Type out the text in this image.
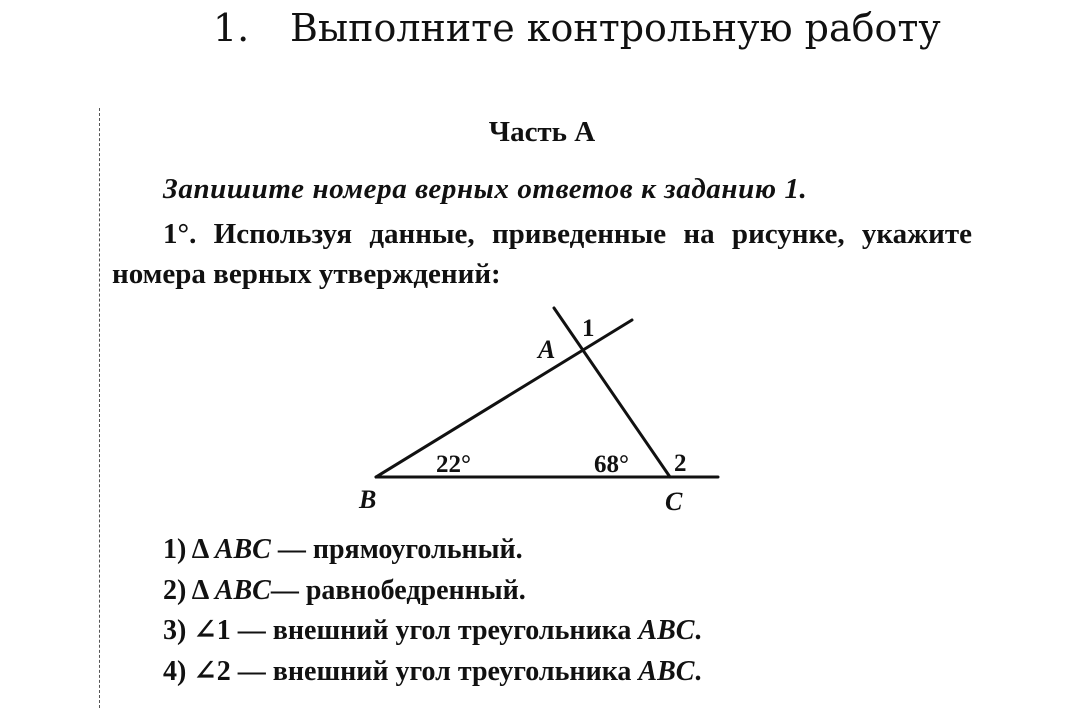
1. Выполните контрольную работу
Часть А
Запишите номера верных ответов к заданию 1.
1°. Используя данные, приведенные на рисунке, укажите номера верных утверждений:
A
B	C
1
2
22°	68°
1) Δ ABC — прямоугольный.
2) Δ ABC— равнобедренный.
3) ∠1 — внешний угол треугольника ABC.
4) ∠2 — внешний угол треугольника ABC.
